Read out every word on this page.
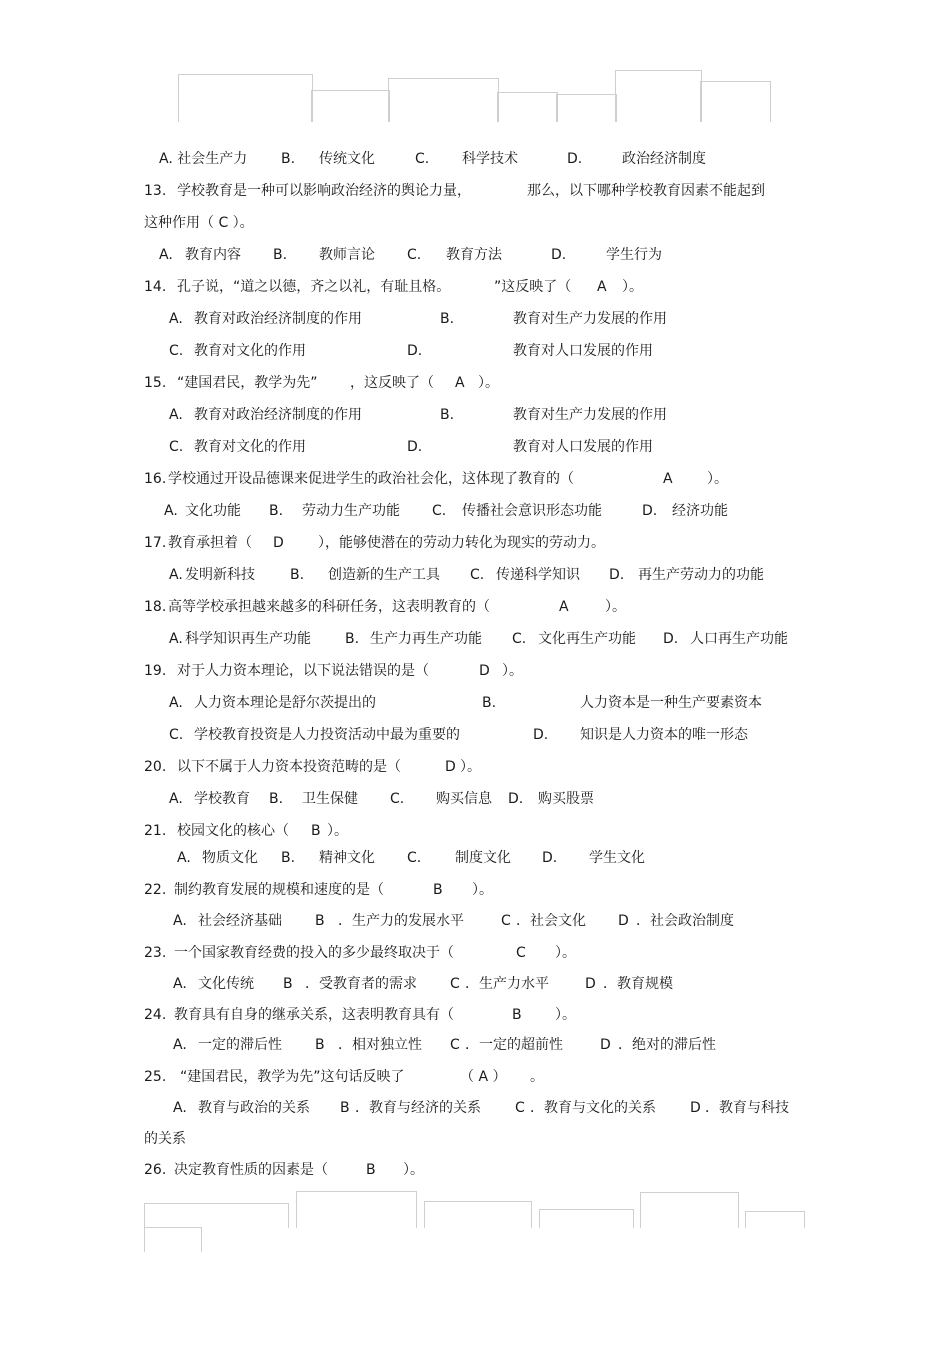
A. 社会生产力 B. 传统文化	C. 科学技术	D.	政治经济制度
13. 学校教育是一种可以影响政治经济的舆论力量，	那么，以下哪种学校教育因素不能起到
这种作用（ C ）。
A. 教育内容 B. 教师言论 C. 教育方法	D.	学生行为
14. 孔子说，“道之以德，齐之以礼，有耻且格。	”这反映了（ A ）。
A. 教育对政治经济制度的作用	B.	教育对生产力发展的作用
C. 教育对文化的作用	D.	教育对人口发展的作用
15. “建国君民，教学为先” ，这反映了（ A ）。
A. 教育对政治经济制度的作用	B.	教育对生产力发展的作用
C. 教育对文化的作用	D.	教育对人口发展的作用
16. 学校通过开设品德课来促进学生的政治社会化，这体现了教育的（	A ）。
A. 文化功能 B. 劳动力生产功能 C. 传播社会意识形态功能	D. 经济功能
17. 教育承担着（ D ），能够使潜在的劳动力转化为现实的劳动力。
A. 发明新科技	B. 创造新的生产工具 C. 传递科学知识 D. 再生产劳动力的功能
18. 高等学校承担越来越多的科研任务，这表明教育的（	A	）。
A. 科学知识再生产功能 B. 生产力再生产功能 C. 文化再生产功能 D. 人口再生产功能
19. 对于人力资本理论，以下说法错误的是（	D ）。
A. 人力资本理论是舒尔茨提出的	B.	人力资本是一种生产要素资本
C. 学校教育投资是人力投资活动中最为重要的	D. 知识是人力资本的唯一形态
20. 以下不属于人力资本投资范畴的是（	D ）。
A. 学校教育 B. 卫生保健 C. 购买信息 D. 购买股票
21. 校园文化的核心（ B ）。
A. 物质文化 B. 精神文化 C. 制度文化 D. 学生文化
22. 制约教育发展的规模和速度的是（	B ）。
A. 社会经济基础 B ．生产力的发展水平	C ．社会文化 D ．社会政治制度
23. 一个国家教育经费的投入的多少最终取决于（	C ）。
A. 文化传统 B ．受教育者的需求 C ．生产力水平	D ．教育规模
24. 教育具有自身的继承关系，这表明教育具有（	B ）。
A. 一定的滞后性 B ．相对独立性 C ．一定的超前性	D ．绝对的滞后性
25. “建国君民，教学为先”这句话反映了	（ A ） 。
A. 教育与政治的关系 B ．教育与经济的关系 C ．教育与文化的关系 D ．教育与科技
的关系
26. 决定教育性质的因素是（	B ）。
